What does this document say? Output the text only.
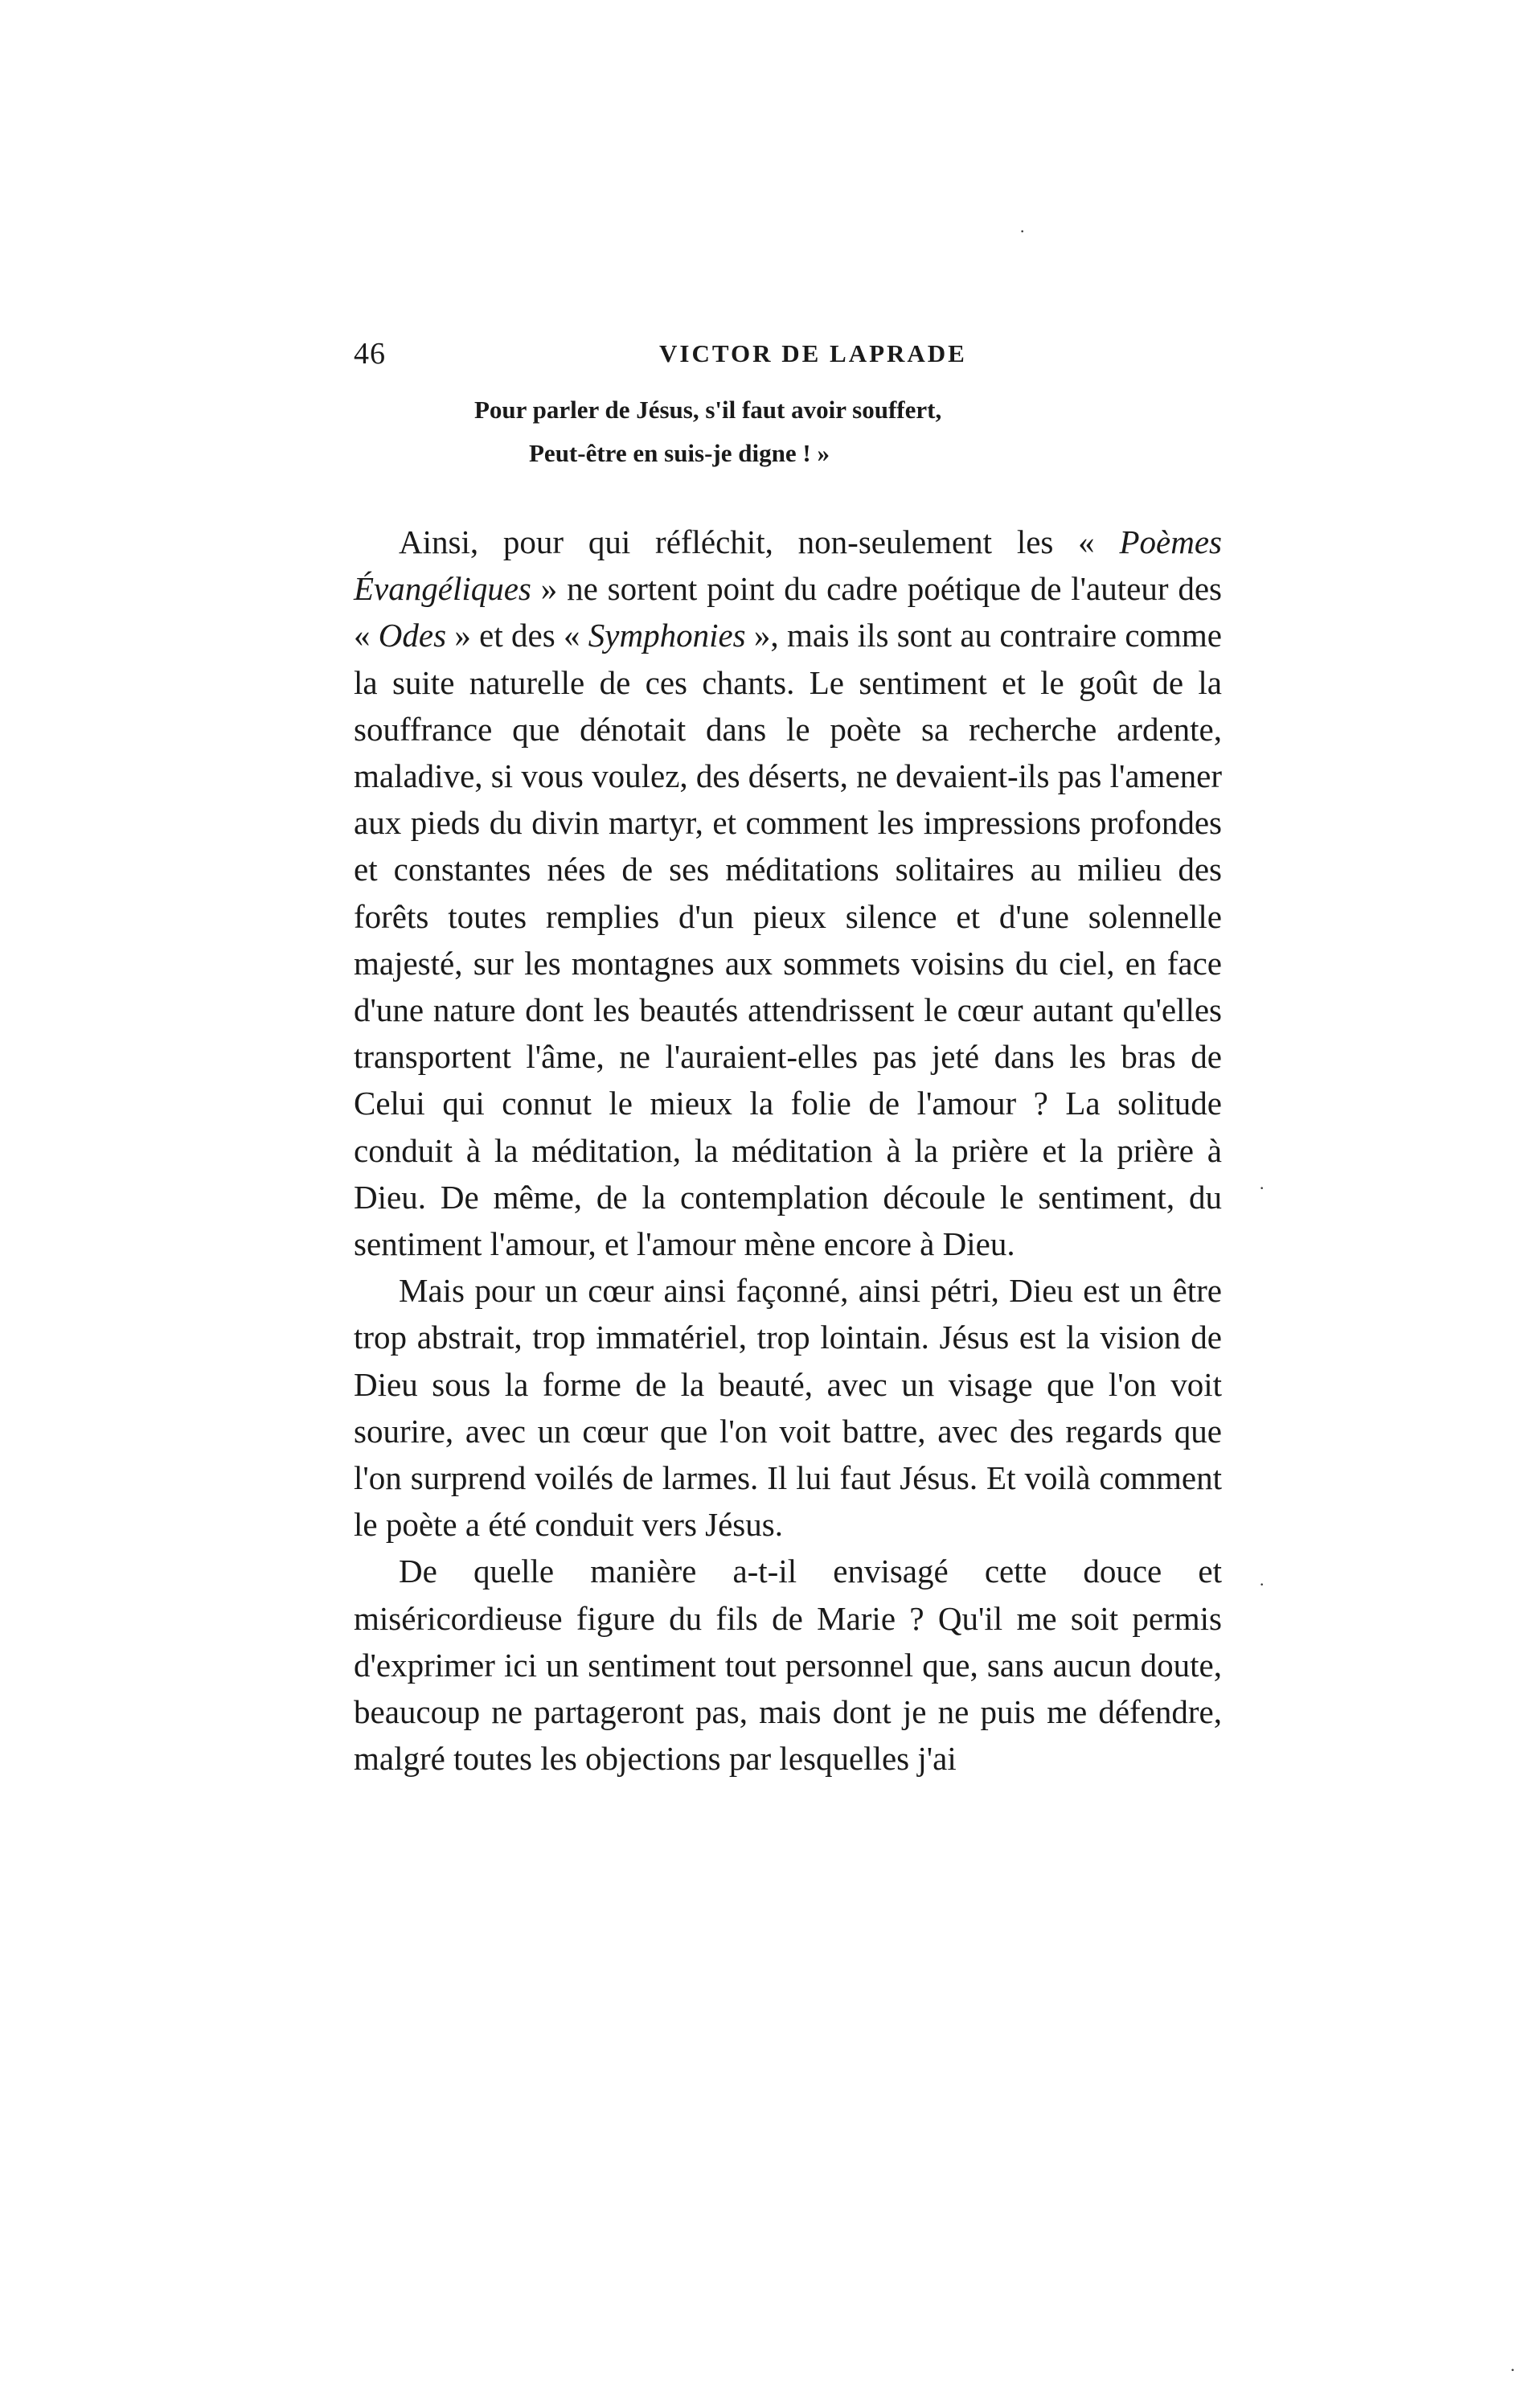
46	VICTOR DE LAPRADE
Pour parler de Jésus, s'il faut avoir souffert,
Peut-être en suis-je digne ! »

Ainsi, pour qui réfléchit, non-seulement les « Poèmes Évangéliques » ne sortent point du cadre poétique de l'auteur des « Odes » et des « Symphonies », mais ils sont au contraire comme la suite naturelle de ces chants. Le sentiment et le goût de la souffrance que dénotait dans le poète sa recherche ardente, maladive, si vous voulez, des déserts, ne devaient-ils pas l'amener aux pieds du divin martyr, et comment les impressions profondes et constantes nées de ses méditations solitaires au milieu des forêts toutes remplies d'un pieux silence et d'une solennelle majesté, sur les montagnes aux sommets voisins du ciel, en face d'une nature dont les beautés attendrissent le cœur autant qu'elles transportent l'âme, ne l'auraient-elles pas jeté dans les bras de Celui qui connut le mieux la folie de l'amour ? La solitude conduit à la méditation, la méditation à la prière et la prière à Dieu. De même, de la contemplation découle le sentiment, du sentiment l'amour, et l'amour mène encore à Dieu.

Mais pour un cœur ainsi façonné, ainsi pétri, Dieu est un être trop abstrait, trop immatériel, trop lointain. Jésus est la vision de Dieu sous la forme de la beauté, avec un visage que l'on voit sourire, avec un cœur que l'on voit battre, avec des regards que l'on surprend voilés de larmes. Il lui faut Jésus. Et voilà comment le poète a été conduit vers Jésus.

De quelle manière a-t-il envisagé cette douce et miséricordieuse figure du fils de Marie ? Qu'il me soit permis d'exprimer ici un sentiment tout personnel que, sans aucun doute, beaucoup ne partageront pas, mais dont je ne puis me défendre, malgré toutes les objections par lesquelles j'ai

·
·
·
·
